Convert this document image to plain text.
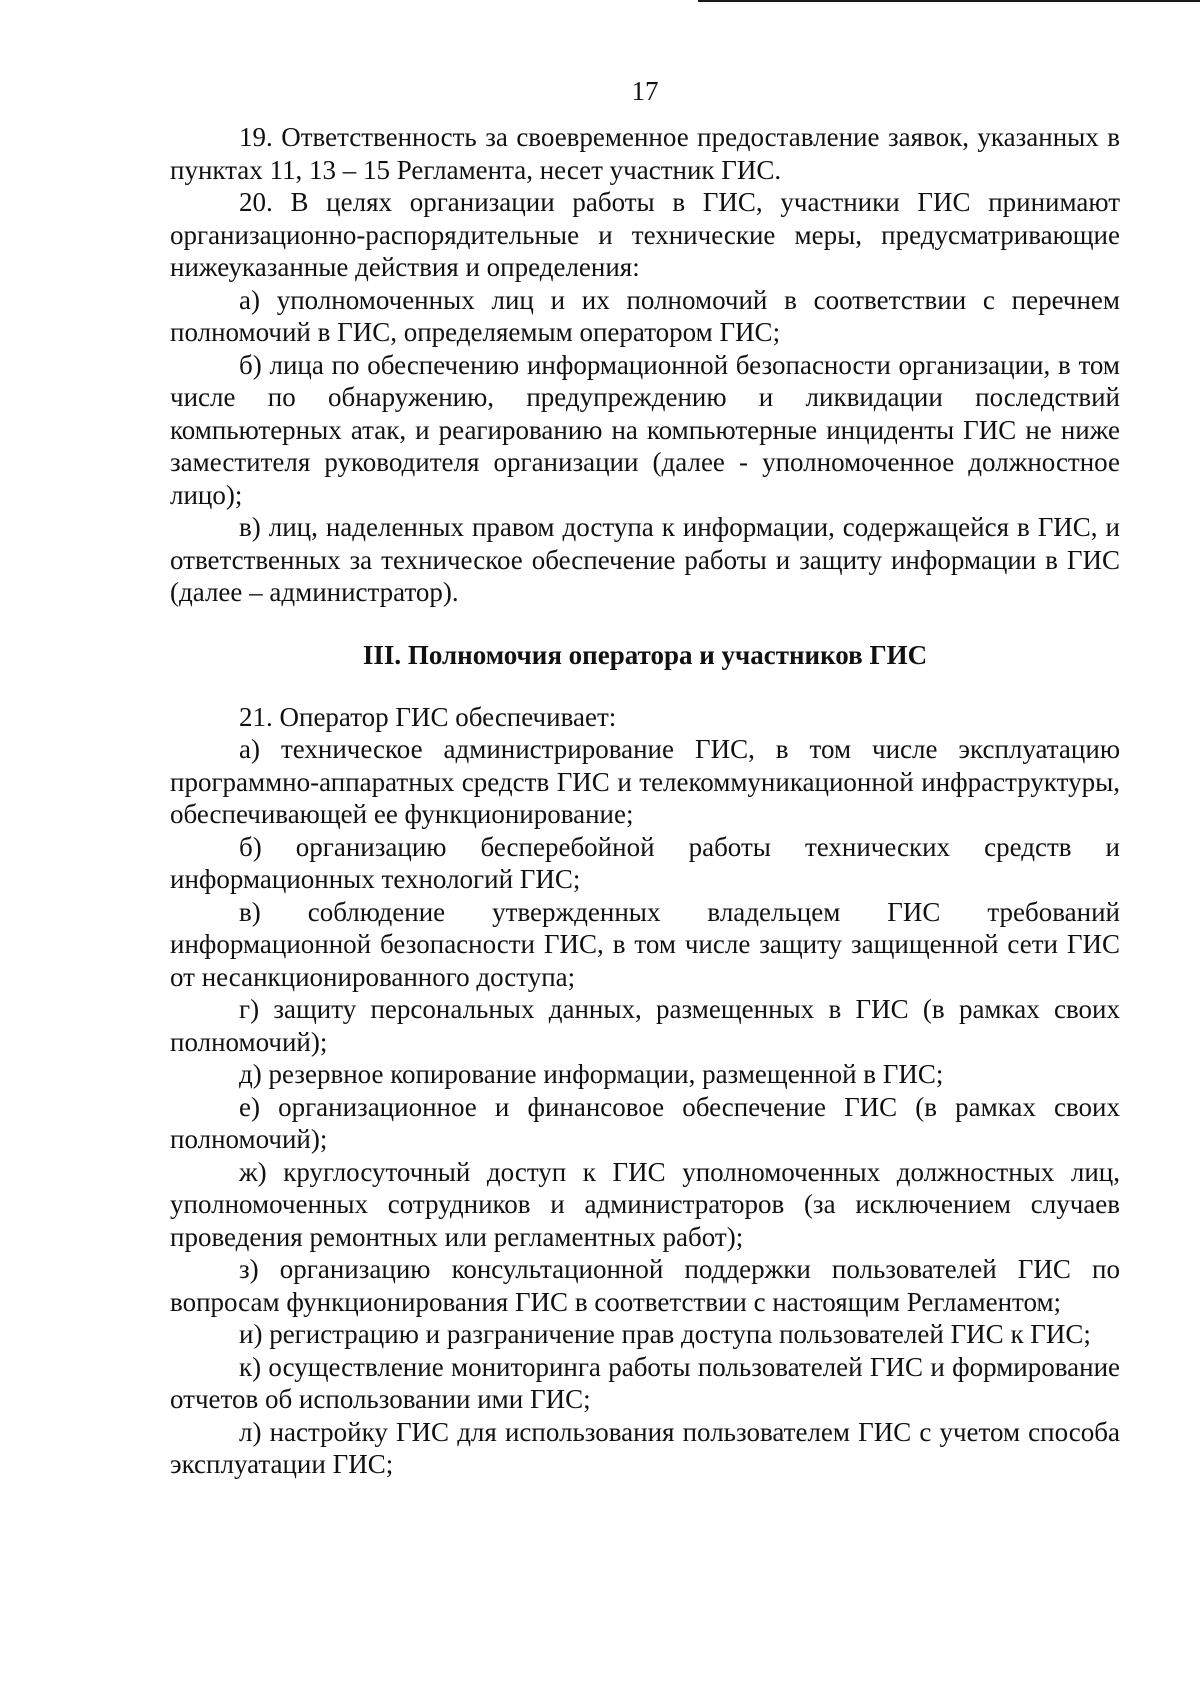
17

19. Ответственность за своевременное предоставление заявок, указанных в пунктах 11, 13 – 15 Регламента, несет участник ГИС.

20. В целях организации работы в ГИС, участники ГИС принимают организационно-распорядительные и технические меры, предусматривающие нижеуказанные действия и определения:

а) уполномоченных лиц и их полномочий в соответствии с перечнем полномочий в ГИС, определяемым оператором ГИС;

б) лица по обеспечению информационной безопасности организации, в том числе по обнаружению, предупреждению и ликвидации последствий компьютерных атак, и реагированию на компьютерные инциденты ГИС не ниже заместителя руководителя организации (далее - уполномоченное должностное лицо);

в) лиц, наделенных правом доступа к информации, содержащейся в ГИС, и ответственных за техническое обеспечение работы и защиту информации в ГИС (далее – администратор).

III. Полномочия оператора и участников ГИС

21. Оператор ГИС обеспечивает:

а) техническое администрирование ГИС, в том числе эксплуатацию программно-аппаратных средств ГИС и телекоммуникационной инфраструктуры, обеспечивающей ее функционирование;

б) организацию бесперебойной работы технических средств и информационных технологий ГИС;

в) соблюдение утвержденных владельцем ГИС требований информационной безопасности ГИС, в том числе защиту защищенной сети ГИС от несанкционированного доступа;

г) защиту персональных данных, размещенных в ГИС (в рамках своих полномочий);

д) резервное копирование информации, размещенной в ГИС;

е) организационное и финансовое обеспечение ГИС (в рамках своих полномочий);

ж) круглосуточный доступ к ГИС уполномоченных должностных лиц, уполномоченных сотрудников и администраторов (за исключением случаев проведения ремонтных или регламентных работ);

з) организацию консультационной поддержки пользователей ГИС по вопросам функционирования ГИС в соответствии с настоящим Регламентом;

и) регистрацию и разграничение прав доступа пользователей ГИС к ГИС;

к) осуществление мониторинга работы пользователей ГИС и формирование отчетов об использовании ими ГИС;

л) настройку ГИС для использования пользователем ГИС с учетом способа эксплуатации ГИС;
